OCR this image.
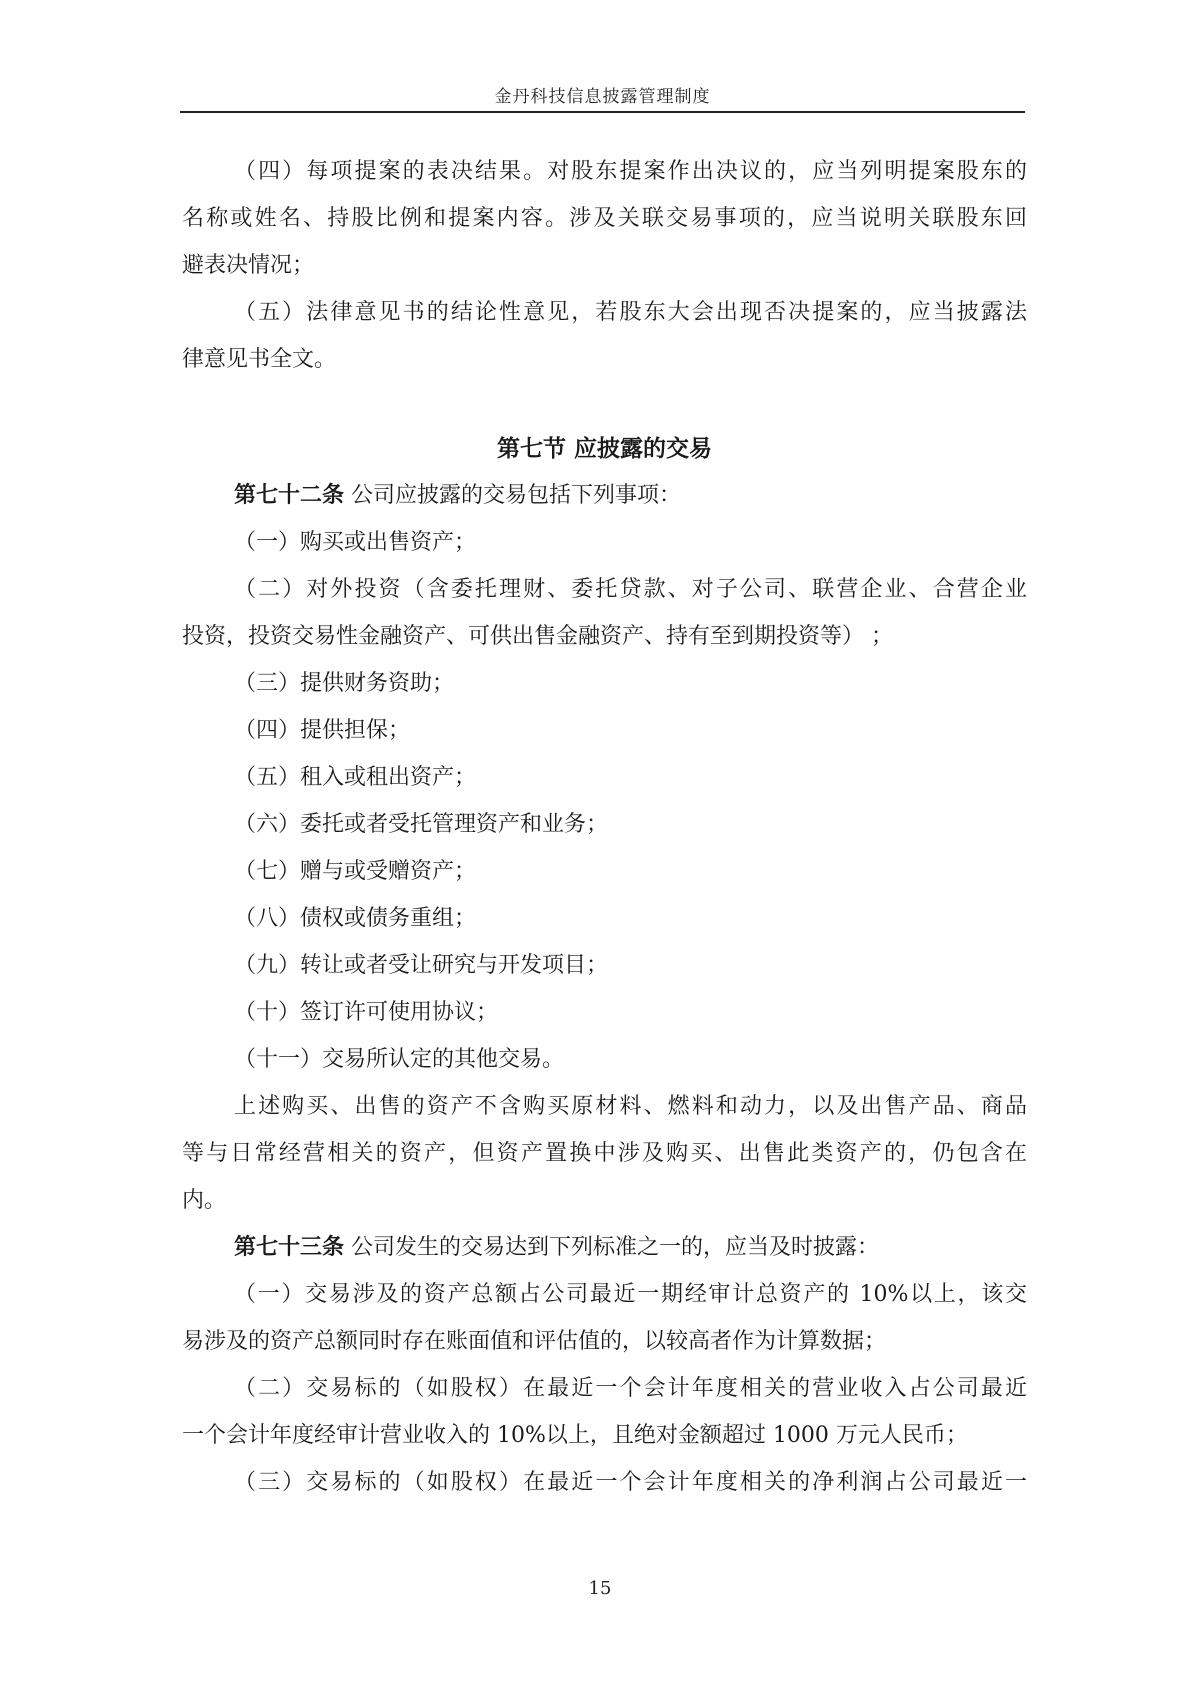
金丹科技信息披露管理制度
（四）每项提案的表决结果。对股东提案作出决议的，应当列明提案股东的
名称或姓名、持股比例和提案内容。涉及关联交易事项的，应当说明关联股东回
避表决情况；
（五）法律意见书的结论性意见，若股东大会出现否决提案的，应当披露法
律意见书全文。
第七节 应披露的交易
第七十二条 公司应披露的交易包括下列事项：
（一）购买或出售资产；
（二）对外投资（含委托理财、委托贷款、对子公司、联营企业、合营企业
投资，投资交易性金融资产、可供出售金融资产、持有至到期投资等） ；
（三）提供财务资助；
（四）提供担保；
（五）租入或租出资产；
（六）委托或者受托管理资产和业务；
（七）赠与或受赠资产；
（八）债权或债务重组；
（九）转让或者受让研究与开发项目；
（十）签订许可使用协议；
（十一）交易所认定的其他交易。
上述购买、出售的资产不含购买原材料、燃料和动力，以及出售产品、商品
等与日常经营相关的资产，但资产置换中涉及购买、出售此类资产的，仍包含在
内。
第七十三条 公司发生的交易达到下列标准之一的，应当及时披露：
（一）交易涉及的资产总额占公司最近一期经审计总资产的 10%以上，该交
易涉及的资产总额同时存在账面值和评估值的，以较高者作为计算数据；
（二）交易标的（如股权）在最近一个会计年度相关的营业收入占公司最近
一个会计年度经审计营业收入的 10%以上，且绝对金额超过 1000 万元人民币；
（三）交易标的（如股权）在最近一个会计年度相关的净利润占公司最近一
15
